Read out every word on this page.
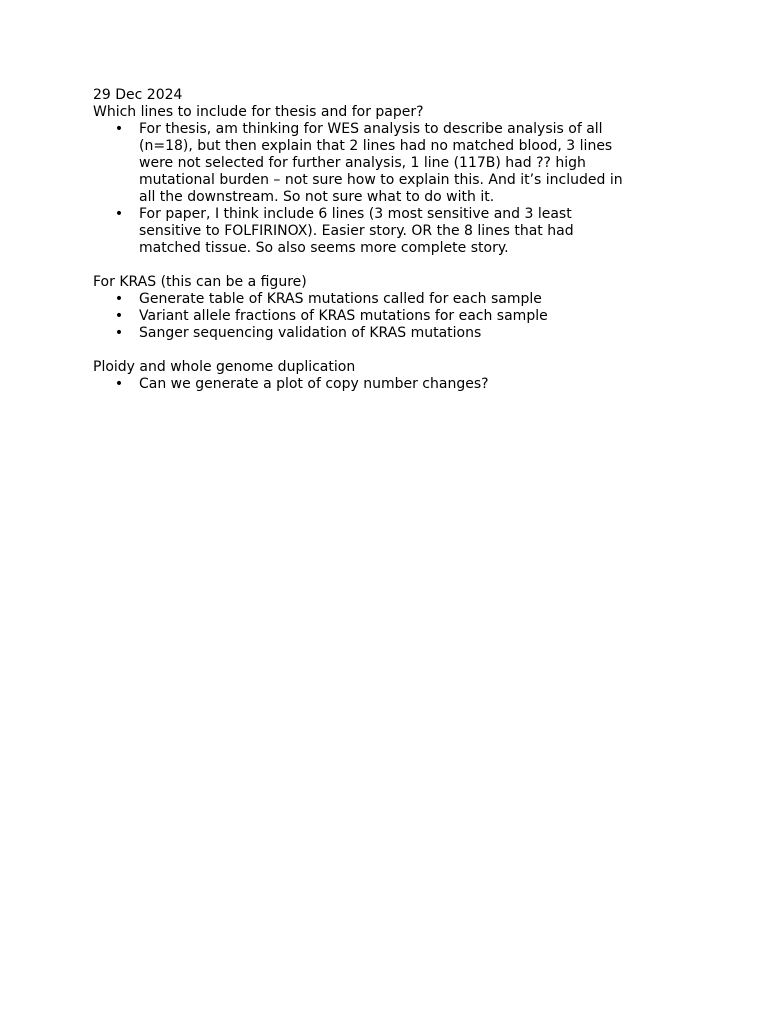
29 Dec 2024
Which lines to include for thesis and for paper?
• For thesis, am thinking for WES analysis to describe analysis of all
(n=18), but then explain that 2 lines had no matched blood, 3 lines
were not selected for further analysis, 1 line (117B) had ?? high
mutational burden – not sure how to explain this. And it’s included in
all the downstream. So not sure what to do with it.
• For paper, I think include 6 lines (3 most sensitive and 3 least
sensitive to FOLFIRINOX). Easier story. OR the 8 lines that had
matched tissue. So also seems more complete story.
For KRAS (this can be a figure)
• Generate table of KRAS mutations called for each sample
• Variant allele fractions of KRAS mutations for each sample
• Sanger sequencing validation of KRAS mutations
Ploidy and whole genome duplication
• Can we generate a plot of copy number changes?
